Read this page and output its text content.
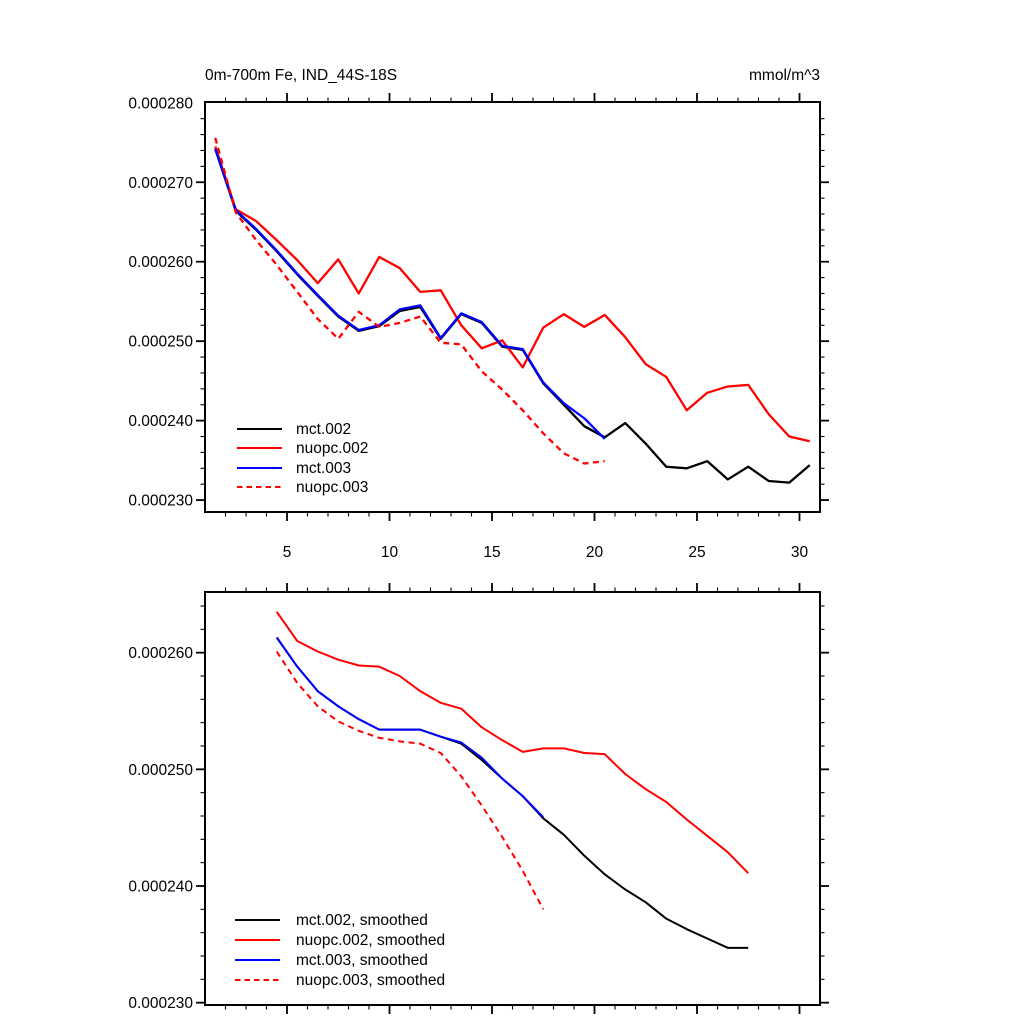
5	10	15	20	25	30
0.000230
0.000240
0.000250
0.000260
0.000270
0.000280
0m-700m Fe, IND_44S-18S	mmol/m^3
mct.002
nuopc.002
mct.003
nuopc.003
0.000230
0.000240
0.000250
0.000260
mct.002, smoothed
nuopc.002, smoothed
mct.003, smoothed
nuopc.003, smoothed
